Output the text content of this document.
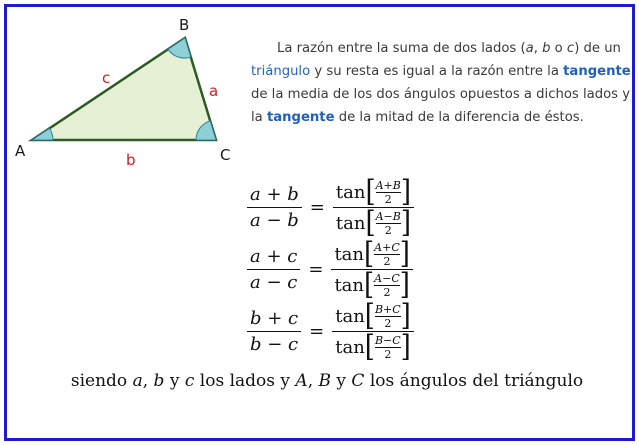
A
B
C
a
b
c

La razón entre la suma de dos lados (a, b o c) de un triángulo y su resta es igual a la razón entre la tangente de la media de los dos ángulos opuestos a dichos lados y la tangente de la mitad de la diferencia de éstos.

$\frac{a + b}{a - b} = \tan$ [ A+B
2 ]
tan [ A−B
2 ]
$\frac{a + c}{a - c} = \tan$ [ A+C
2 ]
tan [ A−C
2 ]
$\frac{b + c}{b - c} = \tan$ [ B+C
2 ]
tan [ B−C
2 ]
siendo a, b y c los lados y A, B y C los ángulos del triángulo
